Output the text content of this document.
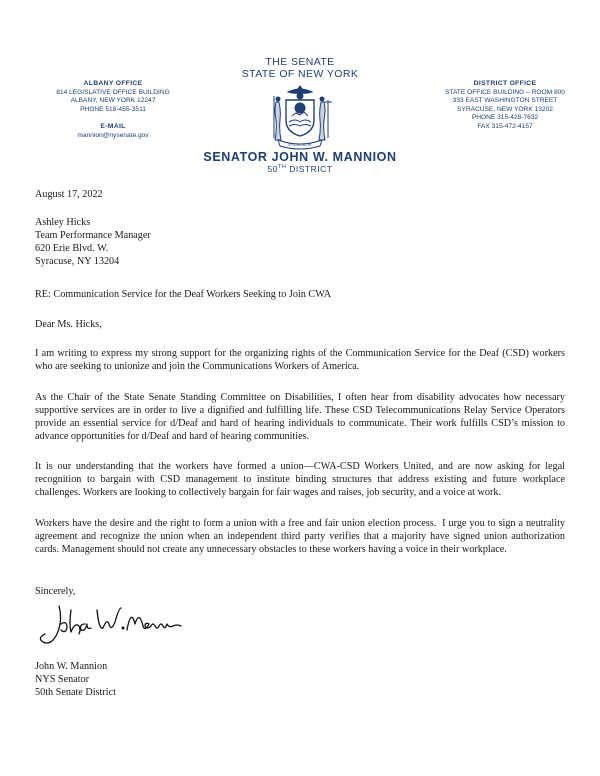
ALBANY OFFICE
814 LEGISLATIVE OFFICE BUILDING
ALBANY, NEW YORK 12247
PHONE 518-455-3511
E-MAIL
mannion@nysenate.gov
THE SENATE
STATE OF NEW YORK
EXCELSIOR
SENATOR JOHN W. MANNION
50TH DISTRICT
DISTRICT OFFICE
STATE OFFICE BUILDING – ROOM 800
333 EAST WASHINGTON STREET
SYRACUSE, NEW YORK 13202
PHONE 315-428-7632
FAX 315-472-4157
August 17, 2022
Ashley Hicks
Team Performance Manager
620 Erie Blvd. W.
Syracuse, NY 13204
RE: Communication Service for the Deaf Workers Seeking to Join CWA
Dear Ms. Hicks,

I am writing to express my strong support for the organizing rights of the Communication Service for the Deaf (CSD) workers who are seeking to unionize and join the Communications Workers of America.

As the Chair of the State Senate Standing Committee on Disabilities, I often hear from disability advocates how necessary supportive services are in order to live a dignified and fulfilling life. These CSD Telecommunications Relay Service Operators provide an essential service for d/Deaf and hard of hearing individuals to communicate. Their work fulfills CSD’s mission to advance opportunities for d/Deaf and hard of hearing communities.

It is our understanding that the workers have formed a union—CWA-CSD Workers United, and are now asking for legal recognition to bargain with CSD management to institute binding structures that address existing and future workplace challenges. Workers are looking to collectively bargain for fair wages and raises, job security, and a voice at work.

Workers have the desire and the right to form a union with a free and fair union election process.  I urge you to sign a neutrality agreement and recognize the union when an independent third party verifies that a majority have signed union authorization cards. Management should not create any unnecessary obstacles to these workers having a voice in their workplace.

Sincerely,
John W. Mannion
NYS Senator
50th Senate District
